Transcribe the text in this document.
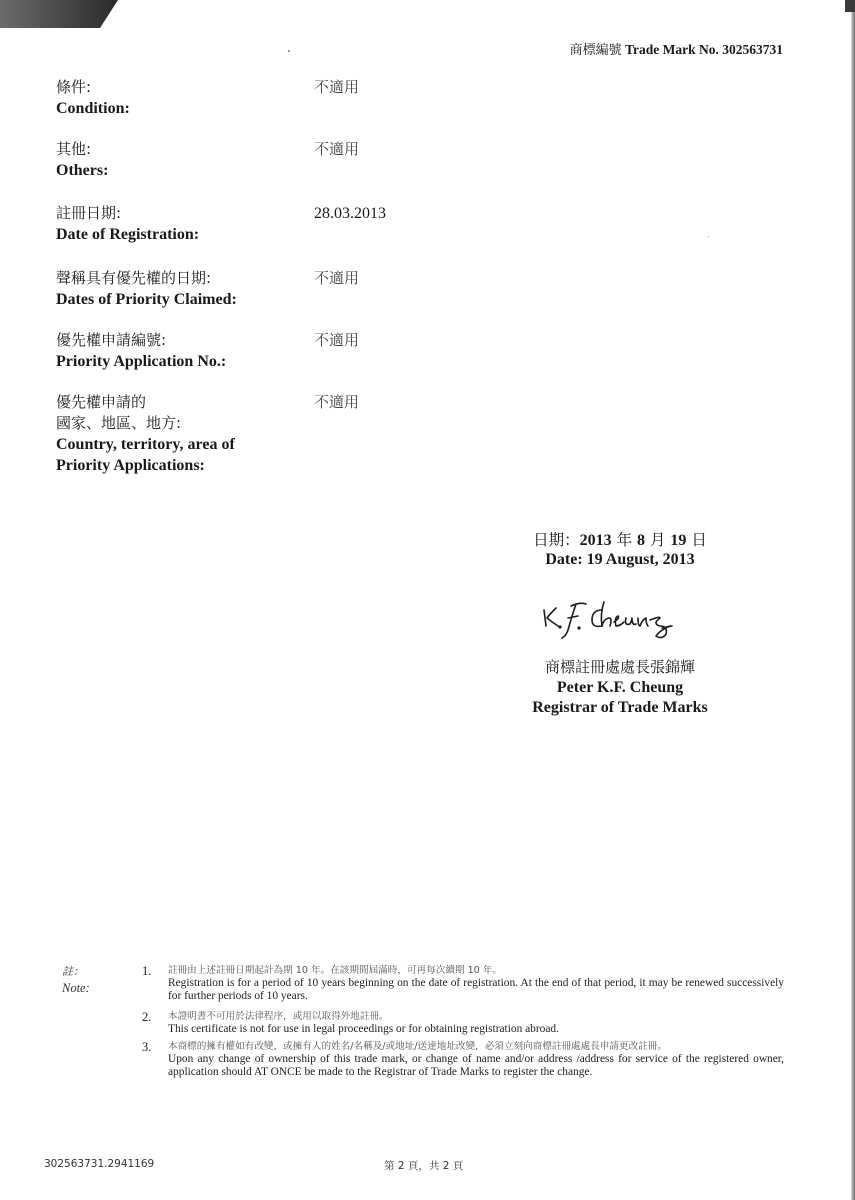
商標編號 Trade Mark No. 302563731
條件:
Condition:
不適用
其他:
Others:
不適用
註冊日期:
Date of Registration:
28.03.2013
聲稱具有優先權的日期:
Dates of Priority Claimed:
不適用
優先權申請編號:
Priority Application No.:
不適用
優先權申請的
國家、地區、地方:
Country, territory, area of
Priority Applications:
不適用
日期：2013 年 8 月 19 日
Date: 19 August, 2013
商標註冊處處長張錦輝
Peter K.F. Cheung
Registrar of Trade Marks
註：
Note:
1. 註冊由上述註冊日期起計為期 10 年。在該期間屆滿時，可再每次續期 10 年。
Registration is for a period of 10 years beginning on the date of registration. At the end of that period, it may be renewed successively for further periods of 10 years.
2. 本證明書不可用於法律程序，或用以取得外地註冊。
This certificate is not for use in legal proceedings or for obtaining registration abroad.
3. 本商標的擁有權如有改變，或擁有人的姓名/名稱及/或地址/送達地址改變，必須立刻向商標註冊處處長申請更改註冊。
Upon any change of ownership of this trade mark, or change of name and/or address /address for service of the registered owner, application should AT ONCE be made to the Registrar of Trade Marks to register the change.
302563731.2941169	第 2 頁，共 2 頁
